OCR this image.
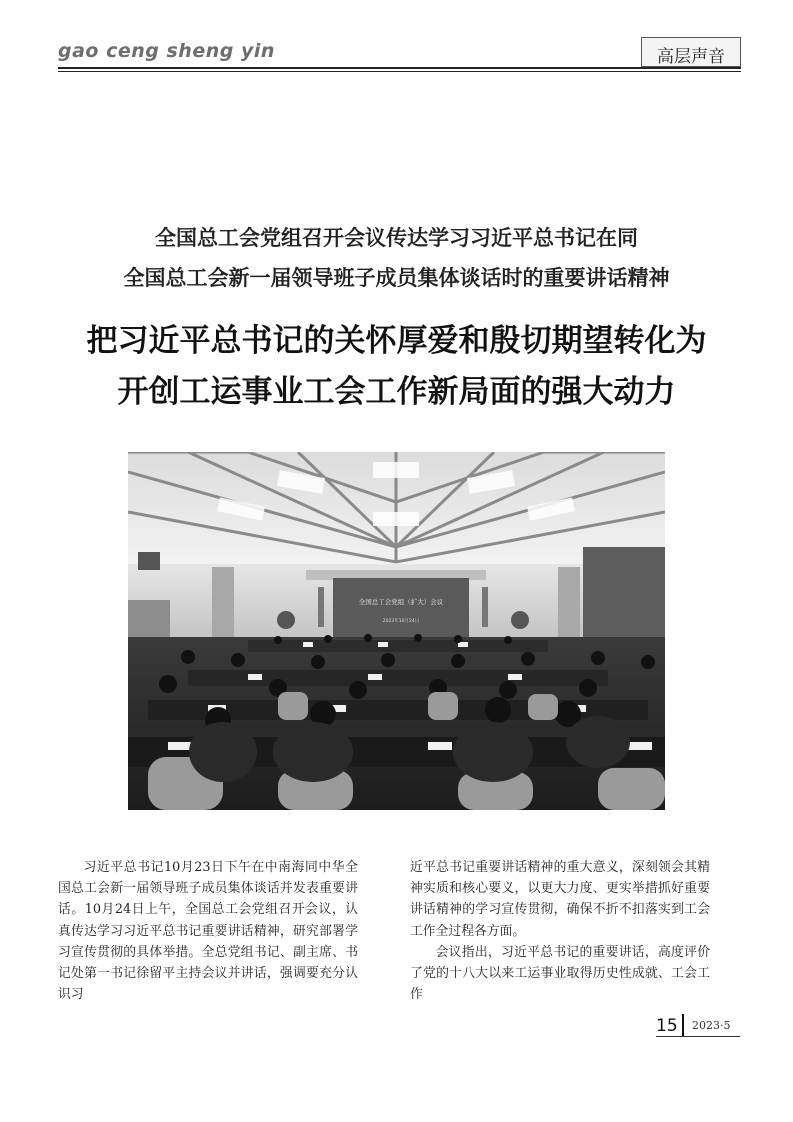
gao ceng sheng yin	高层声音
全国总工会党组召开会议传达学习习近平总书记在同
全国总工会新一届领导班子成员集体谈话时的重要讲话精神
把习近平总书记的关怀厚爱和殷切期望转化为
开创工运事业工会工作新局面的强大动力
全国总工会党组（扩大）会议
2023年10月24日

习近平总书记10月23日下午在中南海同中华全国总工会新一届领导班子成员集体谈话并发表重要讲话。10月24日上午，全国总工会党组召开会议，认真传达学习习近平总书记重要讲话精神，研究部署学习宣传贯彻的具体举措。全总党组书记、副主席、书记处第一书记徐留平主持会议并讲话，强调要充分认识习

近平总书记重要讲话精神的重大意义，深刻领会其精神实质和核心要义，以更大力度、更实举措抓好重要讲话精神的学习宣传贯彻，确保不折不扣落实到工会工作全过程各方面。

会议指出，习近平总书记的重要讲话，高度评价了党的十八大以来工运事业取得历史性成就、工会工作

15 2023·5
